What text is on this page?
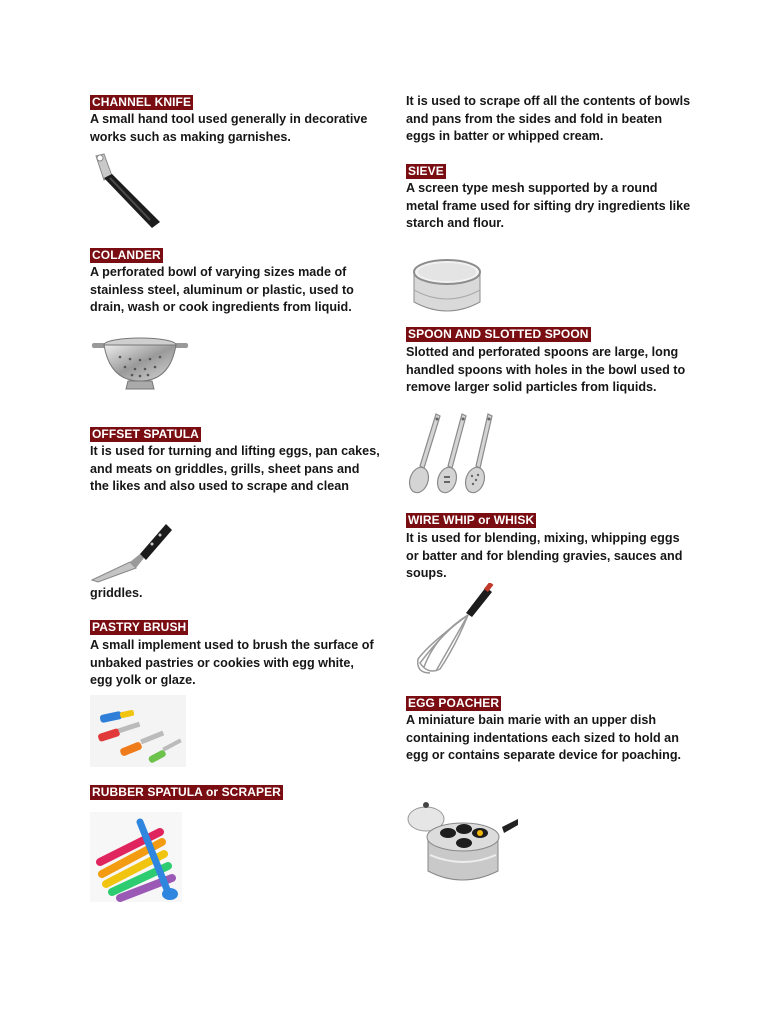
CHANNEL KNIFE
A small hand tool used generally in decorative
works such as making garnishes.
COLANDER
A perforated bowl of varying sizes made of
stainless steel, aluminum or plastic, used to
drain, wash or cook ingredients from liquid.
OFFSET SPATULA
It is used for turning and lifting eggs, pan cakes,
and meats on griddles, grills, sheet pans and
the likes and also used to scrape and clean
griddles.
PASTRY BRUSH
A small implement used to brush the surface of
unbaked pastries or cookies with egg white,
egg yolk or glaze.
RUBBER SPATULA or SCRAPER
It is used to scrape off all the contents of bowls
and pans from the sides and fold in beaten
eggs in batter or whipped cream.
SIEVE
A screen type mesh supported by a round
metal frame used for sifting dry ingredients like
starch and flour.
SPOON AND SLOTTED SPOON
Slotted and perforated spoons are large, long
handled spoons with holes in the bowl used to
remove larger solid particles from liquids.
WIRE WHIP or WHISK
It is used for blending, mixing, whipping eggs
or batter and for blending gravies, sauces and
soups.
EGG POACHER
A miniature bain marie with an upper dish
containing indentations each sized to hold an
egg or contains separate device for poaching.
